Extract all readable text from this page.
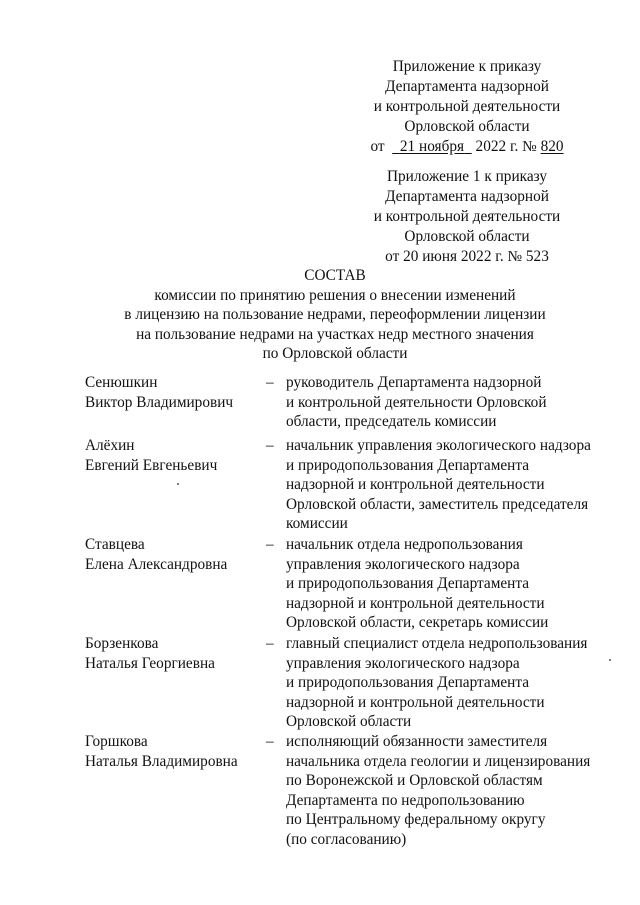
Приложение к приказу
Департамента надзорной
и контрольной деятельности
Орловской области
от 21 ноября 2022 г. № 820
Приложение 1 к приказу
Департамента надзорной
и контрольной деятельности
Орловской области
от 20 июня 2022 г. № 523
СОСТАВ
комиссии по принятию решения о внесении изменений
в лицензию на пользование недрами, переоформлении лицензии
на пользование недрами на участках недр местного значения
по Орловской области
Сенюшкин
Виктор Владимирович
– руководитель Департамента надзорной
и контрольной деятельности Орловской
области, председатель комиссии
Алёхин
Евгений Евгеньевич
– начальник управления экологического надзора
и природопользования Департамента
надзорной и контрольной деятельности
Орловской области, заместитель председателя
комиссии
Ставцева
Елена Александровна
– начальник отдела недропользования
управления экологического надзора
и природопользования Департамента
надзорной и контрольной деятельности
Орловской области, секретарь комиссии
Борзенкова
Наталья Георгиевна
– главный специалист отдела недропользования
управления экологического надзора
и природопользования Департамента
надзорной и контрольной деятельности
Орловской области
Горшкова
Наталья Владимировна
– исполняющий обязанности заместителя
начальника отдела геологии и лицензирования
по Воронежской и Орловской областям
Департамента по недропользованию
по Центральному федеральному округу
(по согласованию)
